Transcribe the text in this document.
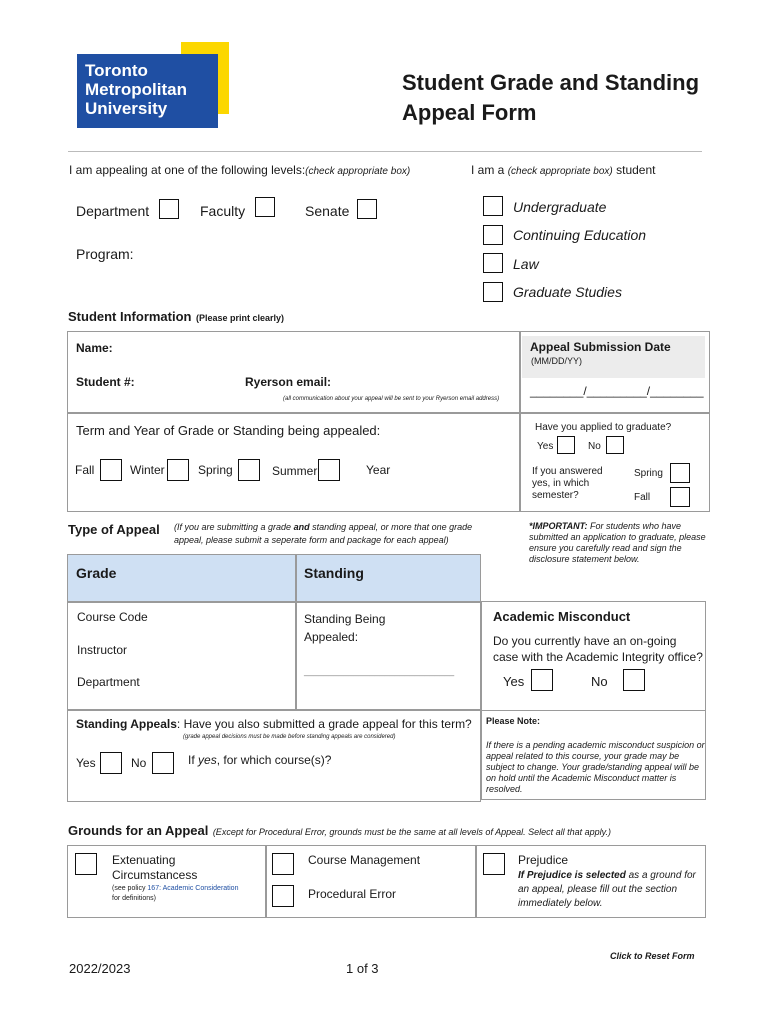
Toronto
Metropolitan
University
Student Grade and Standing
Appeal Form
I am appealing at one of the following levels:(check appropriate box)
Department	Faculty	Senate
Program:
I am a (check appropriate box) student
Undergraduate
Continuing Education
Law
Graduate Studies
Student Information (Please print clearly)
Name:
Student #:	Ryerson email:
(all communication about your appeal will be sent to your Ryerson email address)
Appeal Submission Date
(MM/DD/YY)
________/_________/________
Term and Year of Grade or Standing being appealed:
Fall	Winter	Spring	Summer	Year
Have you applied to graduate?
Yes	No
If you answered
yes, in which
semester?
Spring
Fall
Type of Appeal (If you are submitting a grade and standing appeal, or more that one grade
appeal, please submit a seperate form and package for each appeal)
*IMPORTANT: For students who have
submitted an application to graduate, please
ensure you carefully read and sign the
disclosure statement below.
Grade	Standing
Course Code
Instructor
Department
Standing Being
Appealed:
______________________________
Standing Appeals: Have you also submitted a grade appeal for this term?
(grade appeal decisions must be made before standing appeals are considered)
Yes	No	If yes, for which course(s)?
Academic Misconduct
Do you currently have an on-going
case with the Academic Integrity office?
Yes	No
Please Note:
If there is a pending academic misconduct suspicion or
appeal related to this course, your grade may be
subject to change. Your grade/standing appeal will be
on hold until the Academic Misconduct matter is
resolved.
Grounds for an Appeal (Except for Procedural Error, grounds must be the same at all levels of Appeal. Select all that apply.)
Extenuating
Circumstancess
(see policy 167: Academic Consideration
for definitions)
Course Management
Procedural Error
Prejudice
If Prejudice is selected as a ground for
an appeal, please fill out the section
immediately below.
Click to Reset Form
2022/2023	1 of 3
